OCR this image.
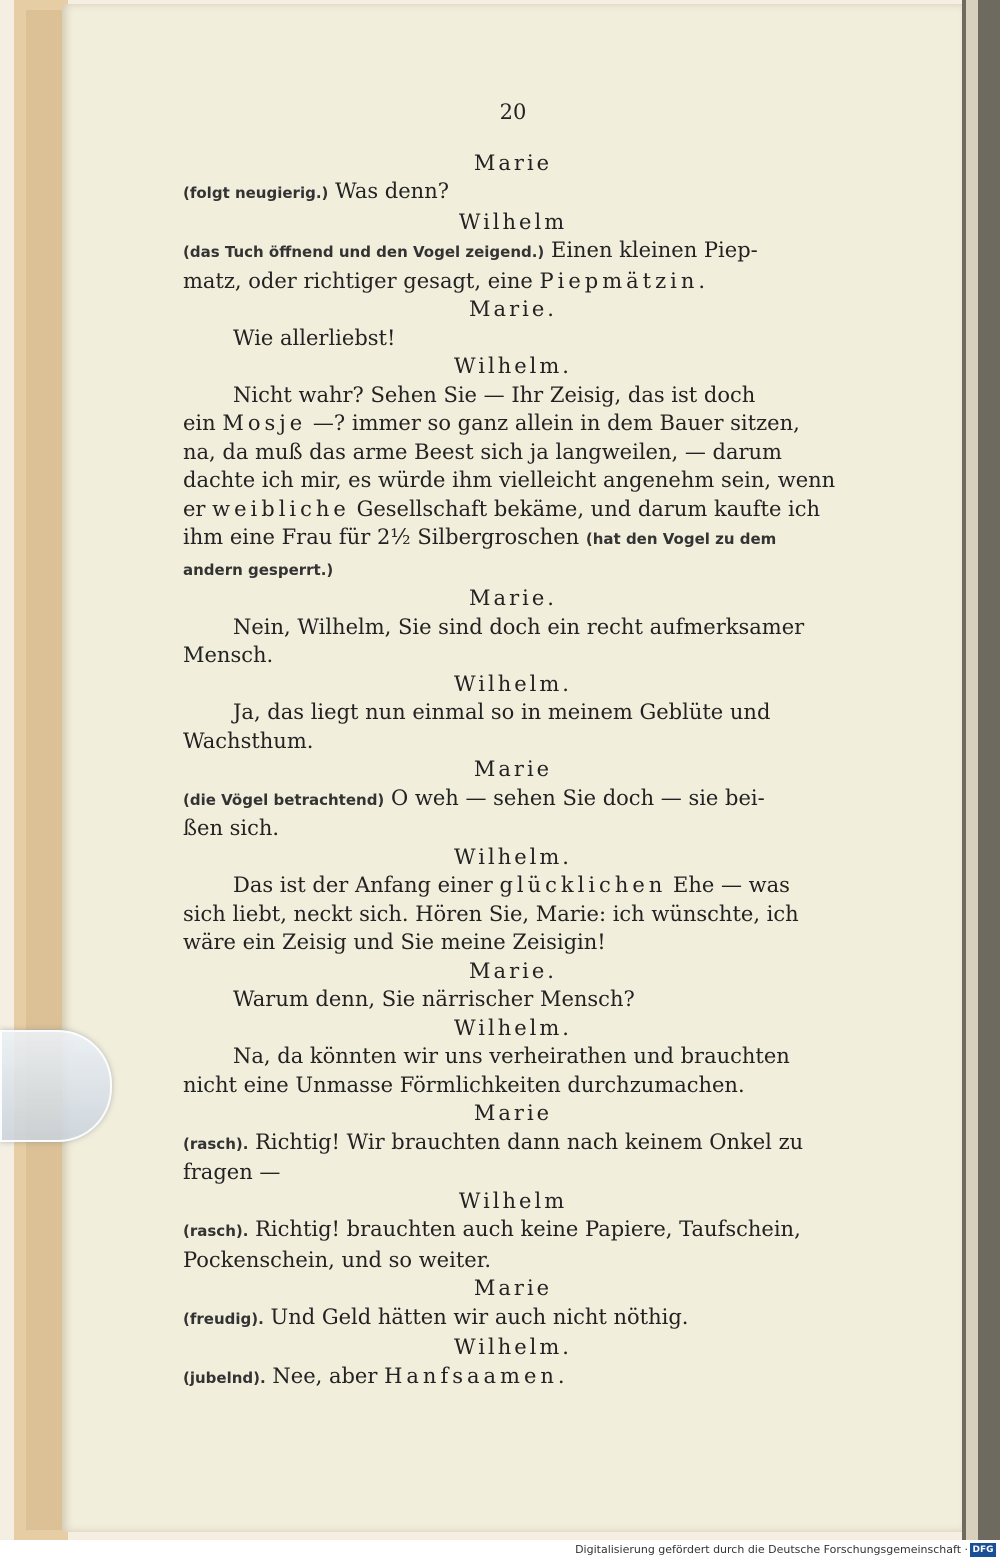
20
Marie
(folgt neugierig.) Was denn?
Wilhelm
(das Tuch öffnend und den Vogel zeigend.) Einen kleinen Piep-
matz, oder richtiger gesagt, eine Piepmätzin.
Marie.
Wie allerliebst!
Wilhelm.
Nicht wahr? Sehen Sie — Ihr Zeisig, das ist doch
ein Mosje —? immer so ganz allein in dem Bauer sitzen,
na, da muß das arme Beest sich ja langweilen, — darum
dachte ich mir, es würde ihm vielleicht angenehm sein, wenn
er weibliche Gesellschaft bekäme, und darum kaufte ich
ihm eine Frau für 2½ Silbergroschen (hat den Vogel zu dem
andern gesperrt.)
Marie.
Nein, Wilhelm, Sie sind doch ein recht aufmerksamer
Mensch.
Wilhelm.
Ja, das liegt nun einmal so in meinem Geblüte und
Wachsthum.
Marie
(die Vögel betrachtend) O weh — sehen Sie doch — sie bei-
ßen sich.
Wilhelm.
Das ist der Anfang einer glücklichen Ehe — was
sich liebt, neckt sich. Hören Sie, Marie: ich wünschte, ich
wäre ein Zeisig und Sie meine Zeisigin!
Marie.
Warum denn, Sie närrischer Mensch?
Wilhelm.
Na, da könnten wir uns verheirathen und brauchten
nicht eine Unmasse Förmlichkeiten durchzumachen.
Marie
(rasch). Richtig! Wir brauchten dann nach keinem Onkel zu
fragen —
Wilhelm
(rasch). Richtig! brauchten auch keine Papiere, Taufschein,
Pockenschein, und so weiter.
Marie
(freudig). Und Geld hätten wir auch nicht nöthig.
Wilhelm.
(jubelnd). Nee, aber Hanfsaamen.
Digitalisierung gefördert durch die Deutsche Forschungsgemeinschaft · DFG
